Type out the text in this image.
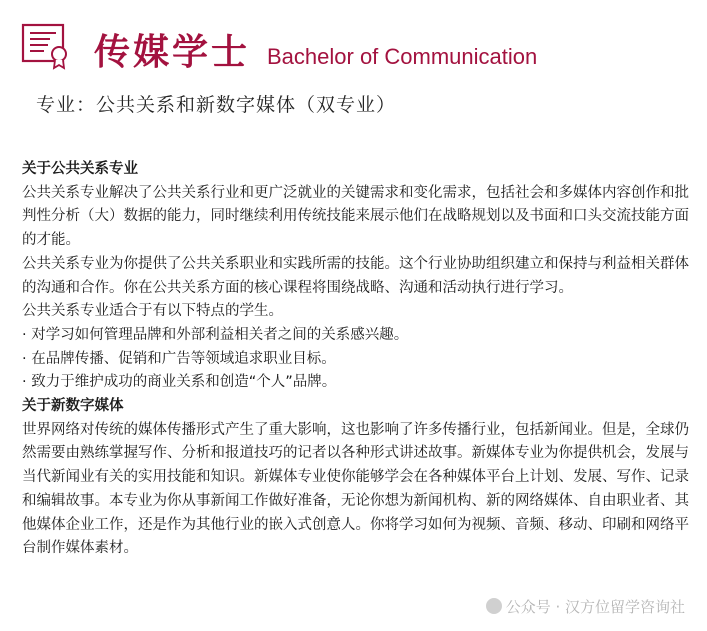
传媒学士 Bachelor of Communication
专业：公共关系和新数字媒体（双专业）

关于公共关系专业

公共关系专业解决了公共关系行业和更广泛就业的关键需求和变化需求，包括社会和多媒体内容创作和批判性分析（大）数据的能力，同时继续利用传统技能来展示他们在战略规划以及书面和口头交流技能方面的才能。

公共关系专业为你提供了公共关系职业和实践所需的技能。这个行业协助组织建立和保持与利益相关群体的沟通和合作。你在公共关系方面的核心课程将围绕战略、沟通和活动执行进行学习。

公共关系专业适合于有以下特点的学生。

· 对学习如何管理品牌和外部利益相关者之间的关系感兴趣。

· 在品牌传播、促销和广告等领域追求职业目标。

· 致力于维护成功的商业关系和创造“个人”品牌。

关于新数字媒体

世界网络对传统的媒体传播形式产生了重大影响，这也影响了许多传播行业，包括新闻业。但是，全球仍然需要由熟练掌握写作、分析和报道技巧的记者以各种形式讲述故事。新媒体专业为你提供机会，发展与当代新闻业有关的实用技能和知识。新媒体专业使你能够学会在各种媒体平台上计划、发展、写作、记录和编辑故事。本专业为你从事新闻工作做好准备，无论你想为新闻机构、新的网络媒体、自由职业者、其他媒体企业工作，还是作为其他行业的嵌入式创意人。你将学习如何为视频、音频、移动、印刷和网络平台制作媒体素材。

公众号 · 汉方位留学咨询社
